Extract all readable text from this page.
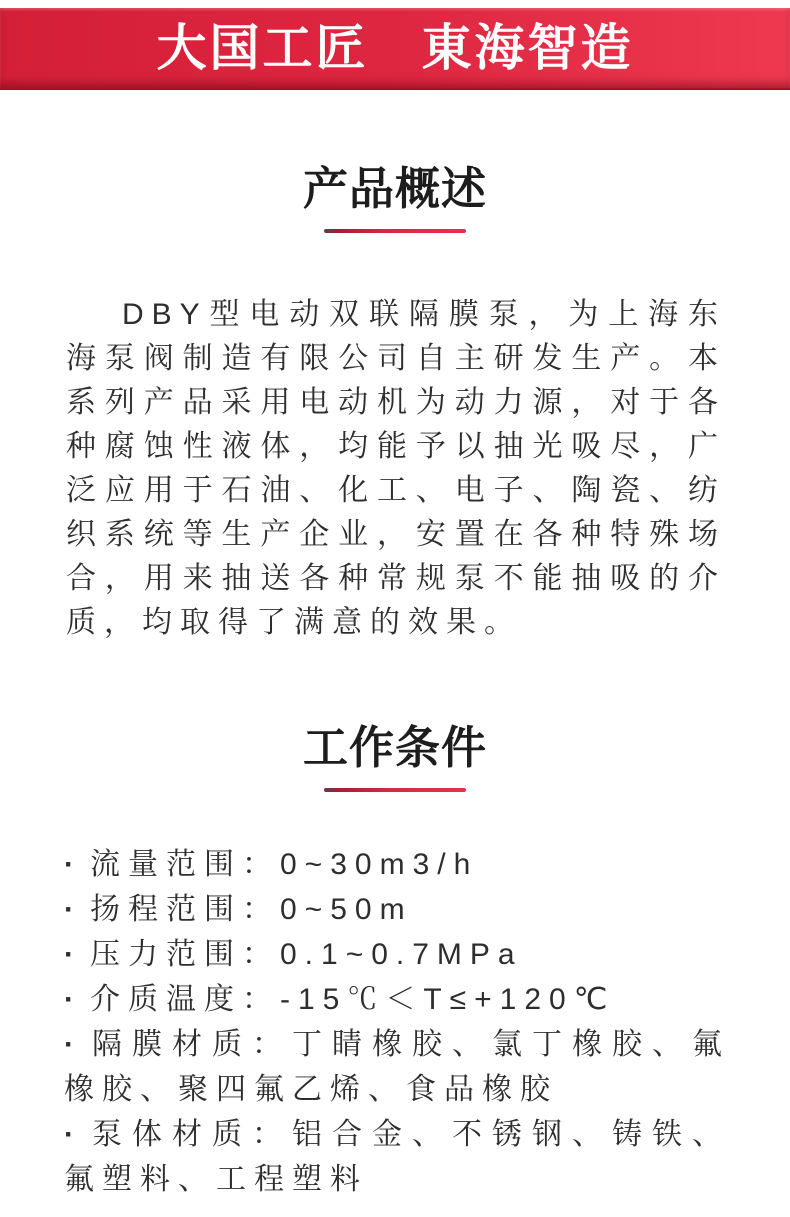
大国工匠　東海智造
产品概述

DBY型电动双联隔膜泵，为上海东海泵阀制造有限公司自主研发生产。本系列产品采用电动机为动力源，对于各种腐蚀性液体，均能予以抽光吸尽，广泛应用于石油、化工、电子、陶瓷、纺织系统等生产企业，安置在各种特殊场合，用来抽送各种常规泵不能抽吸的介质，均取得了满意的效果。

工作条件
· 流量范围：0~30m3/h
· 扬程范围：0~50m
· 压力范围：0.1~0.7MPa
· 介质温度：-15℃＜T≤+120℃
· 隔膜材质：丁睛橡胶、氯丁橡胶、氟橡胶、聚四氟乙烯、食品橡胶
· 泵体材质：铝合金、不锈钢、铸铁、氟塑料、工程塑料
